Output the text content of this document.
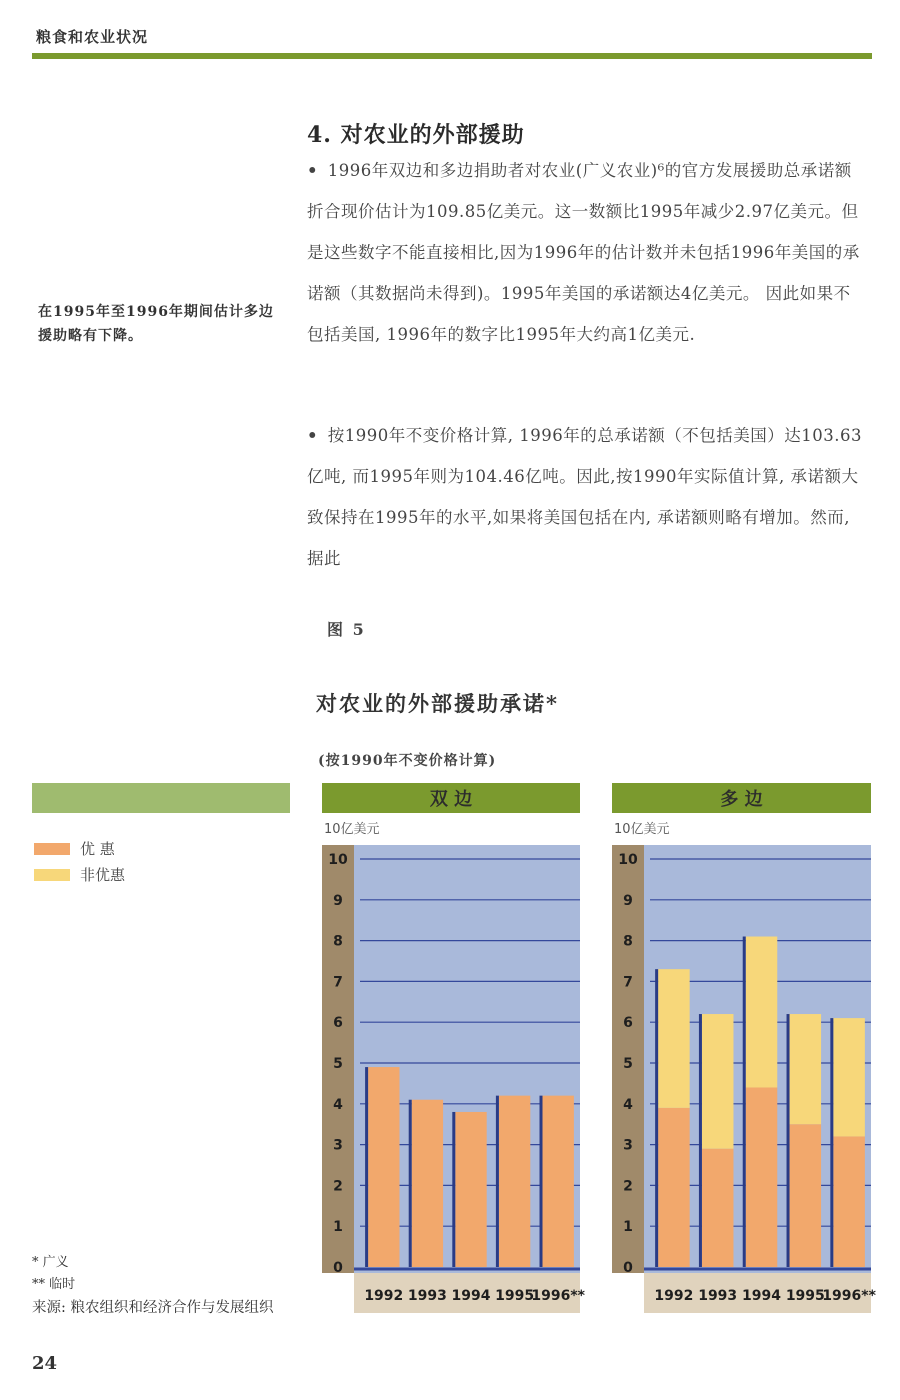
粮食和农业状况
4. 对农业的外部援助
• 1996年双边和多边捐助者对农业(广义农业)⁶的官方发展援助总承诺额折合现价估计为109.85亿美元。这一数额比1995年减少2.97亿美元。但是这些数字不能直接相比,因为1996年的估计数并未包括1996年美国的承诺额（其数据尚未得到)。1995年美国的承诺额达4亿美元。 因此如果不包括美国, 1996年的数字比1995年大约高1亿美元.
• 按1990年不变价格计算, 1996年的总承诺额（不包括美国）达103.63亿吨, 而1995年则为104.46亿吨。因此,按1990年实际值计算, 承诺额大致保持在1995年的水平,如果将美国包括在内, 承诺额则略有增加。然而, 据此
在1995年至1996年期间估计多边援助略有下降。
图 5
对农业的外部援助承诺*
(按1990年不变价格计算)
优 惠
非优惠
双 边
10亿美元
0
1
2
3
4
5
6
7
8
9
10
1992 1993 1994 1995
1996**
多 边
10亿美元
0
1
2
3
4
5
6
7
8
9
10
1992 1993 1994 1995
1996**
* 广义
** 临时
来源: 粮农组织和经济合作与发展组织
24
